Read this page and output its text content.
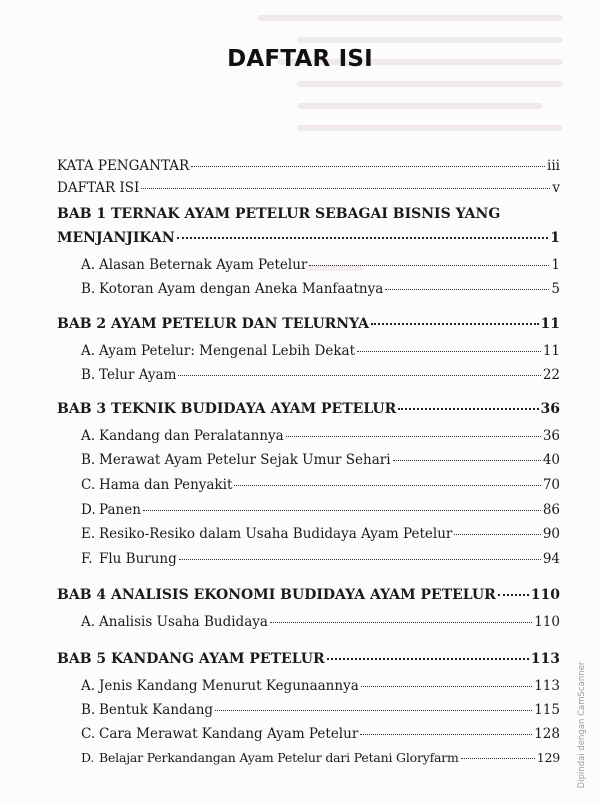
DAFTAR ISI
KATA PENGANTAR	iii
DAFTAR ISI	v
BAB 1 TERNAK AYAM PETELUR SEBAGAI BISNIS YANG
MENJANJIKAN	1
A. Alasan Beternak Ayam Petelur	1
B. Kotoran Ayam dengan Aneka Manfaatnya	5
BAB 2 AYAM PETELUR DAN TELURNYA	11
A. Ayam Petelur: Mengenal Lebih Dekat	11
B. Telur Ayam	22
BAB 3 TEKNIK BUDIDAYA AYAM PETELUR	36
A. Kandang dan Peralatannya	36
B. Merawat Ayam Petelur Sejak Umur Sehari	40
C. Hama dan Penyakit	70
D. Panen	86
E. Resiko-Resiko dalam Usaha Budidaya Ayam Petelur	90
F. Flu Burung	94
BAB 4 ANALISIS EKONOMI BUDIDAYA AYAM PETELUR	110
A. Analisis Usaha Budidaya	110
BAB 5 KANDANG AYAM PETELUR	113
A. Jenis Kandang Menurut Kegunaannya	113
B. Bentuk Kandang	115
C. Cara Merawat Kandang Ayam Petelur	128
D. Belajar Perkandangan Ayam Petelur dari Petani Gloryfarm	129 Dipindai dengan CamScanner
